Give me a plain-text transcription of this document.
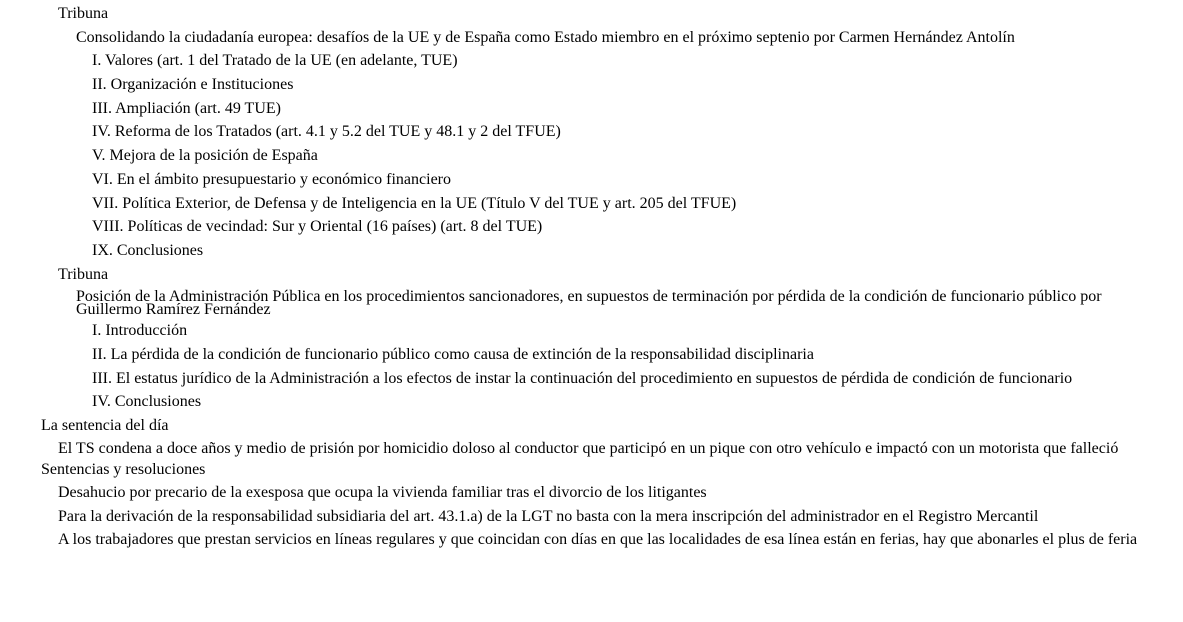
Tribuna
Consolidando la ciudadanía europea: desafíos de la UE y de España como Estado miembro en el próximo septenio por Carmen Hernández Antolín
I. Valores (art. 1 del Tratado de la UE (en adelante, TUE)
II. Organización e Instituciones
III. Ampliación (art. 49 TUE)
IV. Reforma de los Tratados (art. 4.1 y 5.2 del TUE y 48.1 y 2 del TFUE)
V. Mejora de la posición de España
VI. En el ámbito presupuestario y económico financiero
VII. Política Exterior, de Defensa y de Inteligencia en la UE (Título V del TUE y art. 205 del TFUE)
VIII. Políticas de vecindad: Sur y Oriental (16 países) (art. 8 del TUE)
IX. Conclusiones
Tribuna
Posición de la Administración Pública en los procedimientos sancionadores, en supuestos de terminación por pérdida de la condición de funcionario público por Guillermo Ramírez Fernández
I. Introducción
II. La pérdida de la condición de funcionario público como causa de extinción de la responsabilidad disciplinaria
III. El estatus jurídico de la Administración a los efectos de instar la continuación del procedimiento en supuestos de pérdida de condición de funcionario
IV. Conclusiones
La sentencia del día
El TS condena a doce años y medio de prisión por homicidio doloso al conductor que participó en un pique con otro vehículo e impactó con un motorista que falleció
Sentencias y resoluciones
Desahucio por precario de la exesposa que ocupa la vivienda familiar tras el divorcio de los litigantes
Para la derivación de la responsabilidad subsidiaria del art. 43.1.a) de la LGT no basta con la mera inscripción del administrador en el Registro Mercantil
A los trabajadores que prestan servicios en líneas regulares y que coincidan con días en que las localidades de esa línea están en ferias, hay que abonarles el plus de feria
